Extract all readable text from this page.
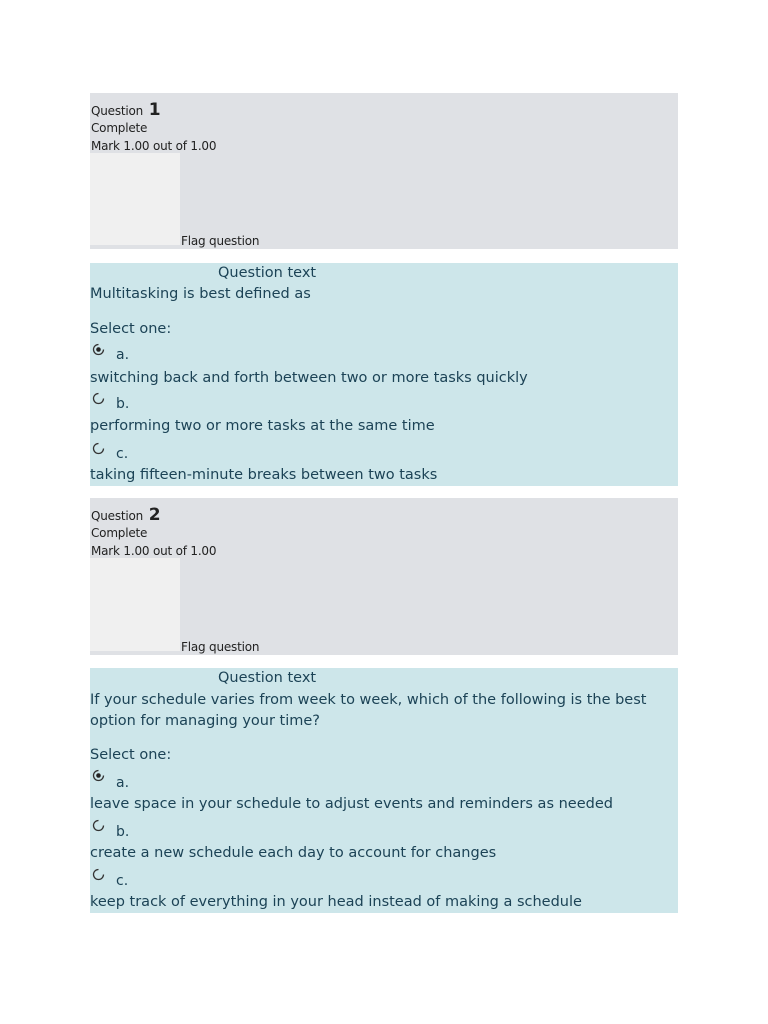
Question 1
Complete
Mark 1.00 out of 1.00
Flag question
Question text
Multitasking is best defined as
Select one:
a.
switching back and forth between two or more tasks quickly
b.
performing two or more tasks at the same time
c.
taking fifteen-minute breaks between two tasks
Question 2
Complete
Mark 1.00 out of 1.00
Flag question
Question text
If your schedule varies from week to week, which of the following is the best option for managing your time?
Select one:
a.
leave space in your schedule to adjust events and reminders as needed
b.
create a new schedule each day to account for changes
c.
keep track of everything in your head instead of making a schedule
